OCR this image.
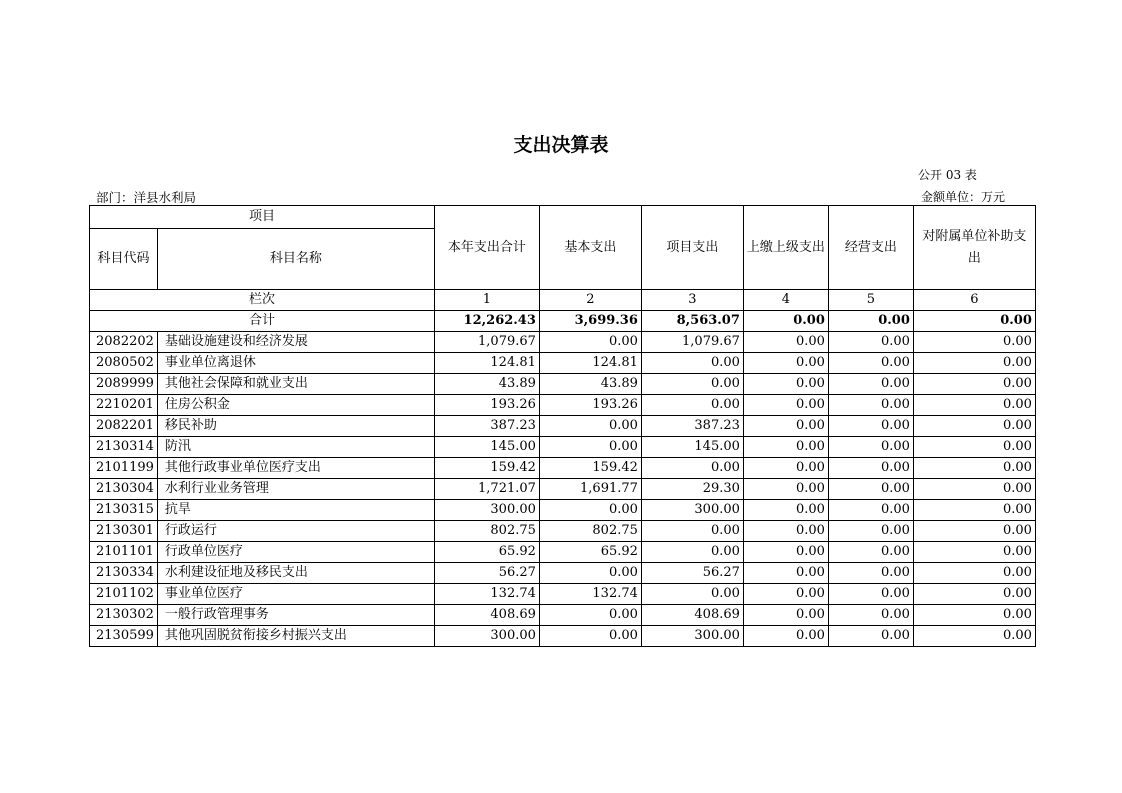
支出决算表
公开 03 表
部门：洋县水利局	金额单位：万元
项目		本年支出合计	基本支出	项目支出	上缴上级支出	经营支出	对附属单位补助支出
科目代码	科目名称						
栏次		1	2	3	4	5	6
合计		12,262.43	3,699.36	8,563.07	0.00	0.00	0.00
2082202	基础设施建设和经济发展	1,079.67	0.00	1,079.67	0.00	0.00	0.00
2080502	事业单位离退休	124.81	124.81	0.00	0.00	0.00	0.00
2089999	其他社会保障和就业支出	43.89	43.89	0.00	0.00	0.00	0.00
2210201	住房公积金	193.26	193.26	0.00	0.00	0.00	0.00
2082201	移民补助	387.23	0.00	387.23	0.00	0.00	0.00
2130314	防汛	145.00	0.00	145.00	0.00	0.00	0.00
2101199	其他行政事业单位医疗支出	159.42	159.42	0.00	0.00	0.00	0.00
2130304	水利行业业务管理	1,721.07	1,691.77	29.30	0.00	0.00	0.00
2130315	抗旱	300.00	0.00	300.00	0.00	0.00	0.00
2130301	行政运行	802.75	802.75	0.00	0.00	0.00	0.00
2101101	行政单位医疗	65.92	65.92	0.00	0.00	0.00	0.00
2130334	水利建设征地及移民支出	56.27	0.00	56.27	0.00	0.00	0.00
2101102	事业单位医疗	132.74	132.74	0.00	0.00	0.00	0.00
2130302	一般行政管理事务	408.69	0.00	408.69	0.00	0.00	0.00
2130599	其他巩固脱贫衔接乡村振兴支出	300.00	0.00	300.00	0.00	0.00	0.00
